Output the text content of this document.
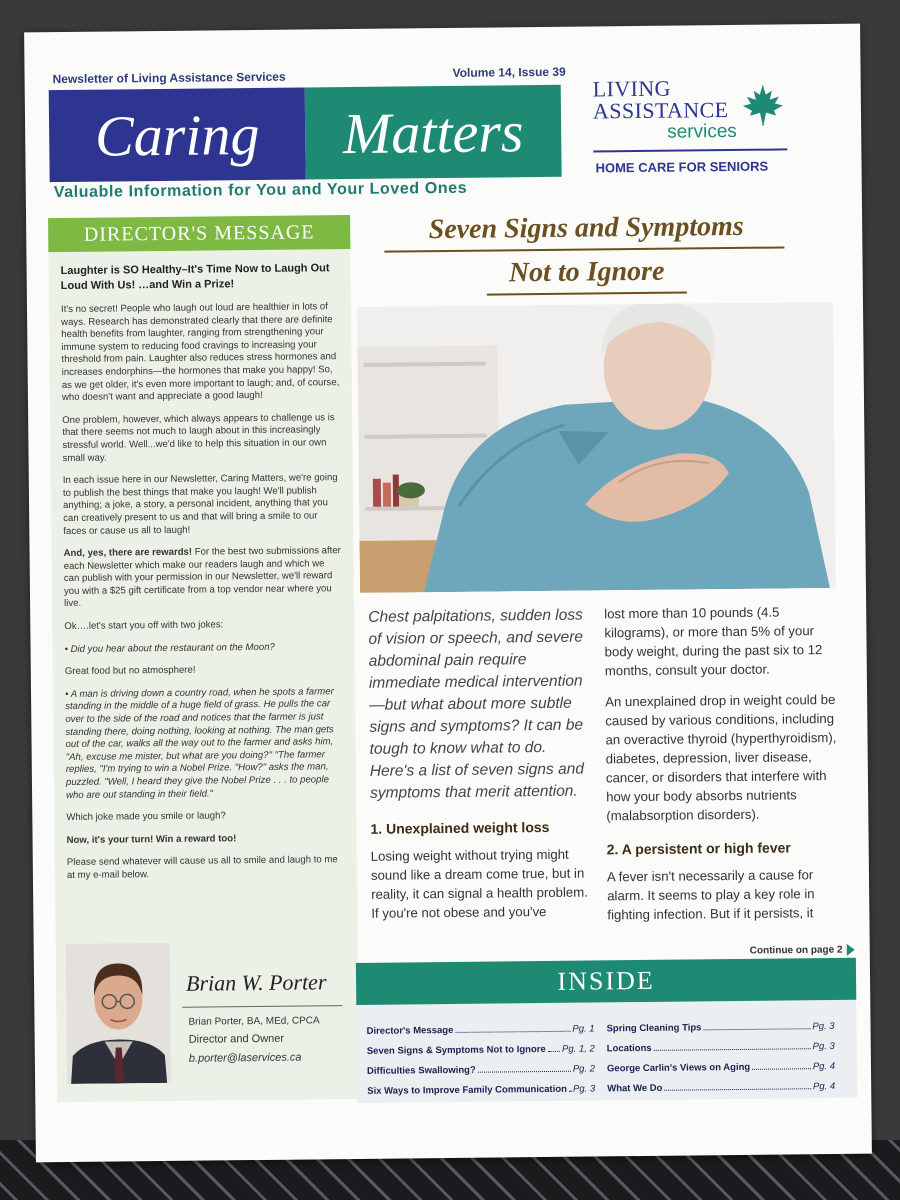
Newsletter of Living Assistance Services	Volume 14, Issue 39
Caring Matters
Valuable Information for You and Your Loved Ones
LIVING
ASSISTANCE
services
HOME CARE FOR SENIORS
DIRECTOR'S MESSAGE

Laughter is SO Healthy–It's Time Now to Laugh Out Loud With Us! …and Win a Prize!

It's no secret! People who laugh out loud are healthier in lots of ways. Research has demonstrated clearly that there are definite health benefits from laughter, ranging from strengthening your immune system to reducing food cravings to increasing your threshold from pain. Laughter also reduces stress hormones and increases endorphins—the hormones that make you happy! So, as we get older, it's even more important to laugh; and, of course, who doesn't want and appreciate a good laugh!

One problem, however, which always appears to challenge us is that there seems not much to laugh about in this increasingly stressful world. Well...we'd like to help this situation in our own small way.

In each issue here in our Newsletter, Caring Matters, we're going to publish the best things that make you laugh! We'll publish anything; a joke, a story, a personal incident, anything that you can creatively present to us and that will bring a smile to our faces or cause us all to laugh!

And, yes, there are rewards! For the best two submissions after each Newsletter which make our readers laugh and which we can publish with your permission in our Newsletter, we'll reward you with a $25 gift certificate from a top vendor near where you live.

Ok….let's start you off with two jokes:

• Did you hear about the restaurant on the Moon?

Great food but no atmosphere!

• A man is driving down a country road, when he spots a farmer standing in the middle of a huge field of grass. He pulls the car over to the side of the road and notices that the farmer is just standing there, doing nothing, looking at nothing. The man gets out of the car, walks all the way out to the farmer and asks him, "Ah, excuse me mister, but what are you doing?" "The farmer replies, "I'm trying to win a Nobel Prize. "How?" asks the man, puzzled. "Well, I heard they give the Nobel Prize . . . to people who are out standing in their field."

Which joke made you smile or laugh?

Now, it's your turn! Win a reward too!

Please send whatever will cause us all to smile and laugh to me at my e-mail below.

Brian W. Porter
Brian Porter, BA, MEd, CPCA
Director and Owner
b.porter@laservices.ca
Seven Signs and Symptoms
Not to Ignore

Chest palpitations, sudden loss of vision or speech, and severe abdominal pain require immediate medical intervention—but what about more subtle signs and symptoms? It can be tough to know what to do. Here's a list of seven signs and symptoms that merit attention.

1. Unexplained weight loss

Losing weight without trying might sound like a dream come true, but in reality, it can signal a health problem. If you're not obese and you've

lost more than 10 pounds (4.5 kilograms), or more than 5% of your body weight, during the past six to 12 months, consult your doctor.

An unexplained drop in weight could be caused by various conditions, including an overactive thyroid (hyperthyroidism), diabetes, depression, liver disease, cancer, or disorders that interfere with how your body absorbs nutrients (malabsorption disorders).

2. A persistent or high fever

A fever isn't necessarily a cause for alarm. It seems to play a key role in fighting infection. But if it persists, it

Continue on page 2
INSIDE
Director's Message	Pg. 1
Seven Signs & Symptoms Not to Ignore Pg. 1, 2
Difficulties Swallowing?	Pg. 2
Six Ways to Improve Family Communication Pg. 3
Spring Cleaning Tips	Pg. 3
Locations	Pg. 3
George Carlin's Views on Aging	Pg. 4
What We Do	Pg. 4
